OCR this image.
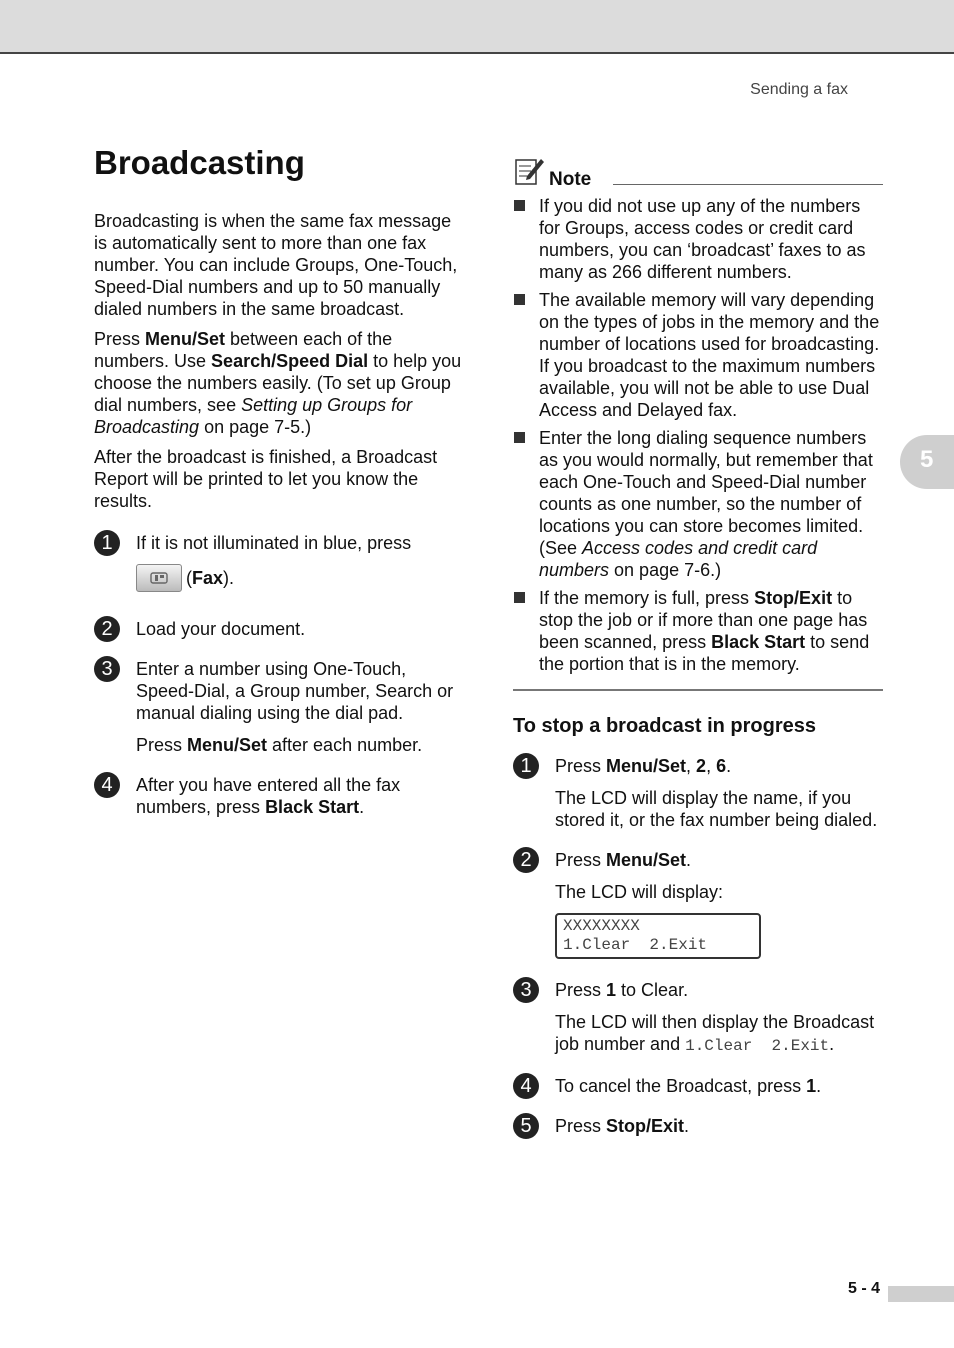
Sending a fax
5
Broadcasting

Broadcasting is when the same fax message is automatically sent to more than one fax number. You can include Groups, One-Touch, Speed-Dial numbers and up to 50 manually dialed numbers in the same broadcast.

Press Menu/Set between each of the numbers. Use Search/Speed Dial to help you choose the numbers easily. (To set up Group dial numbers, see Setting up Groups for Broadcasting on page 7-5.)

After the broadcast is finished, a Broadcast Report will be printed to let you know the results.

1	If it is not illuminated in blue, press

(Fax).
2	Load your document.

3	Enter a number using One-Touch, Speed-Dial, a Group number, Search or manual dialing using the dial pad.

Press Menu/Set after each number.

4	After you have entered all the fax numbers, press Black Start.

Note
If you did not use up any of the numbers for Groups, access codes or credit card numbers, you can ‘broadcast’ faxes to as many as 266 different numbers.
The available memory will vary depending on the types of jobs in the memory and the number of locations used for broadcasting. If you broadcast to the maximum numbers available, you will not be able to use Dual Access and Delayed fax.
Enter the long dialing sequence numbers as you would normally, but remember that each One-Touch and Speed-Dial number counts as one number, so the number of locations you can store becomes limited. (See Access codes and credit card numbers on page 7-6.)
If the memory is full, press Stop/Exit to stop the job or if more than one page has been scanned, press Black Start to send the portion that is in the memory.
To stop a broadcast in progress
1	Press Menu/Set, 2, 6.

The LCD will display the name, if you stored it, or the fax number being dialed.

2	Press Menu/Set.

The LCD will display:

XXXXXXXX
1.Clear  2.Exit
3	Press 1 to Clear.

The LCD will then display the Broadcast job number and 1.Clear  2.Exit.

4	To cancel the Broadcast, press 1.

5	Press Stop/Exit.

5 - 4
